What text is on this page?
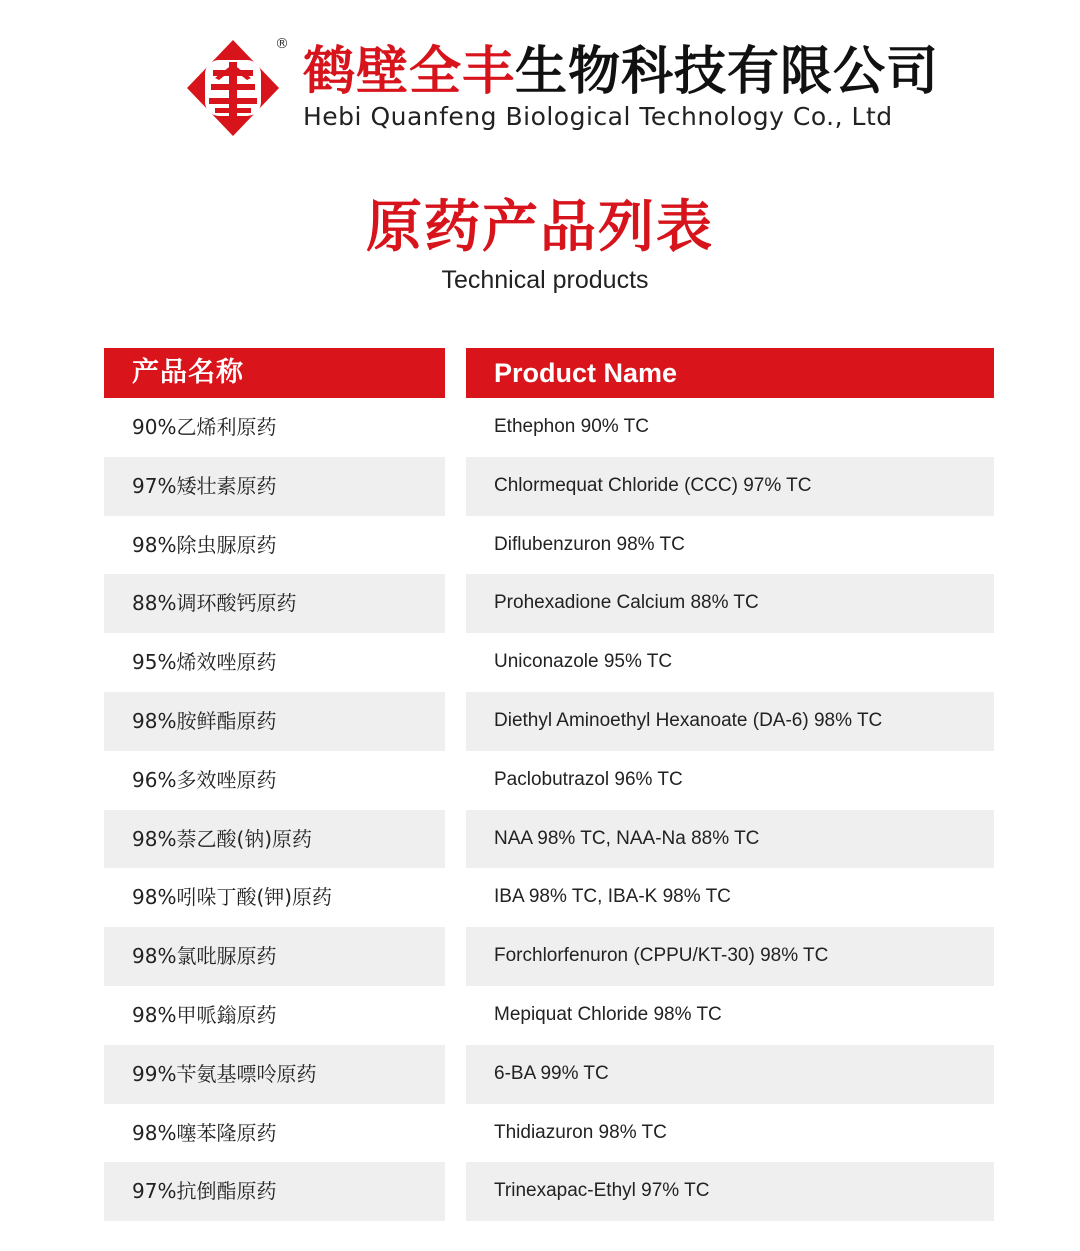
® 鹤壁全丰生物科技有限公司
Hebi Quanfeng Biological Technology Co., Ltd
原药产品列表
Technical products
产品名称	Product Name
90%乙烯利原药	Ethephon 90% TC
97%矮壮素原药	Chlormequat Chloride (CCC) 97% TC
98%除虫脲原药	Diflubenzuron 98% TC
88%调环酸钙原药	Prohexadione Calcium 88% TC
95%烯效唑原药	Uniconazole 95% TC
98%胺鲜酯原药	Diethyl Aminoethyl Hexanoate (DA-6) 98% TC
96%多效唑原药	Paclobutrazol 96% TC
98%萘乙酸(钠)原药	NAA 98% TC, NAA-Na 88% TC
98%吲哚丁酸(钾)原药	IBA 98% TC, IBA-K 98% TC
98%氯吡脲原药	Forchlorfenuron (CPPU/KT-30) 98% TC
98%甲哌鎓原药	Mepiquat Chloride 98% TC
99%苄氨基嘌呤原药	6-BA 99% TC
98%噻苯隆原药	Thidiazuron 98% TC
97%抗倒酯原药	Trinexapac-Ethyl 97% TC
